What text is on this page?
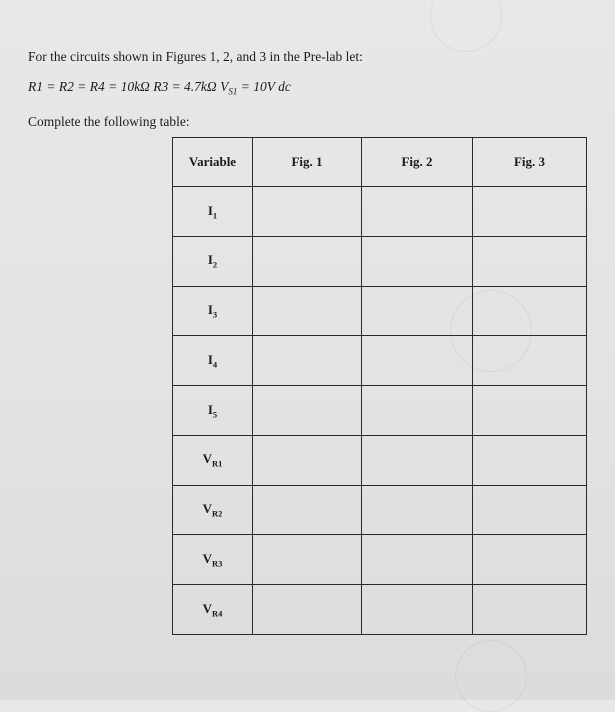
For the circuits shown in Figures 1, 2, and 3 in the Pre-lab let:
R1 = R2 = R4 = 10kΩ R3 = 4.7kΩ $V_{S1} = 10V$ dc
Complete the following table:
Variable	Fig. 1	Fig. 2	Fig. 3
$I_1$			
$I_2$			
$I_3$			
$I_4$			
$I_5$			
$V_{R1}$			
$V_{R2}$			
$V_{R3}$			
$V_{R4}$			
